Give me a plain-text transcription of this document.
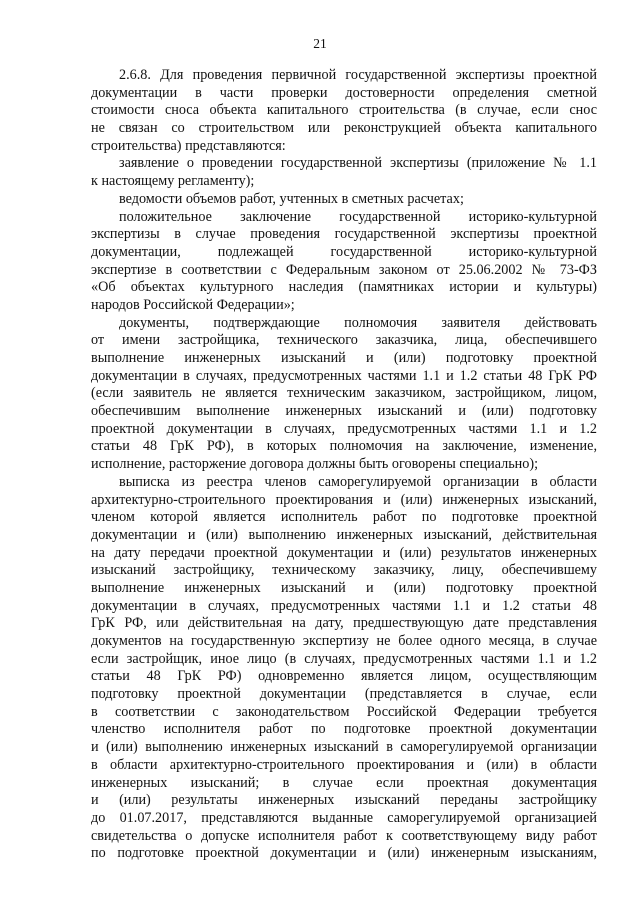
21
2.6.8. Для проведения первичной государственной экспертизы проектной
документации в части проверки достоверности определения сметной
стоимости сноса объекта капитального строительства (в случае, если снос
не связан со строительством или реконструкцией объекта капитального
строительства) представляются:
заявление о проведении государственной экспертизы (приложение № 1.1
к настоящему регламенту);
ведомости объемов работ, учтенных в сметных расчетах;
положительное заключение государственной историко-культурной
экспертизы в случае проведения государственной экспертизы проектной
документации, подлежащей государственной историко-культурной
экспертизе в соответствии с Федеральным законом от 25.06.2002 № 73-ФЗ
«Об объектах культурного наследия (памятниках истории и культуры)
народов Российской Федерации»;
документы, подтверждающие полномочия заявителя действовать
от имени застройщика, технического заказчика, лица, обеспечившего
выполнение инженерных изысканий и (или) подготовку проектной
документации в случаях, предусмотренных частями 1.1 и 1.2 статьи 48 ГрК РФ
(если заявитель не является техническим заказчиком, застройщиком, лицом,
обеспечившим выполнение инженерных изысканий и (или) подготовку
проектной документации в случаях, предусмотренных частями 1.1 и 1.2
статьи 48 ГрК РФ), в которых полномочия на заключение, изменение,
исполнение, расторжение договора должны быть оговорены специально);
выписка из реестра членов саморегулируемой организации в области
архитектурно-строительного проектирования и (или) инженерных изысканий,
членом которой является исполнитель работ по подготовке проектной
документации и (или) выполнению инженерных изысканий, действительная
на дату передачи проектной документации и (или) результатов инженерных
изысканий застройщику, техническому заказчику, лицу, обеспечившему
выполнение инженерных изысканий и (или) подготовку проектной
документации в случаях, предусмотренных частями 1.1 и 1.2 статьи 48
ГрК РФ, или действительная на дату, предшествующую дате представления
документов на государственную экспертизу не более одного месяца, в случае
если застройщик, иное лицо (в случаях, предусмотренных частями 1.1 и 1.2
статьи 48 ГрК РФ) одновременно является лицом, осуществляющим
подготовку проектной документации (представляется в случае, если
в соответствии с законодательством Российской Федерации требуется
членство исполнителя работ по подготовке проектной документации
и (или) выполнению инженерных изысканий в саморегулируемой организации
в области архитектурно-строительного проектирования и (или) в области
инженерных изысканий; в случае если проектная документация
и (или) результаты инженерных изысканий переданы застройщику
до 01.07.2017, представляются выданные саморегулируемой организацией
свидетельства о допуске исполнителя работ к соответствующему виду работ
по подготовке проектной документации и (или) инженерным изысканиям,
